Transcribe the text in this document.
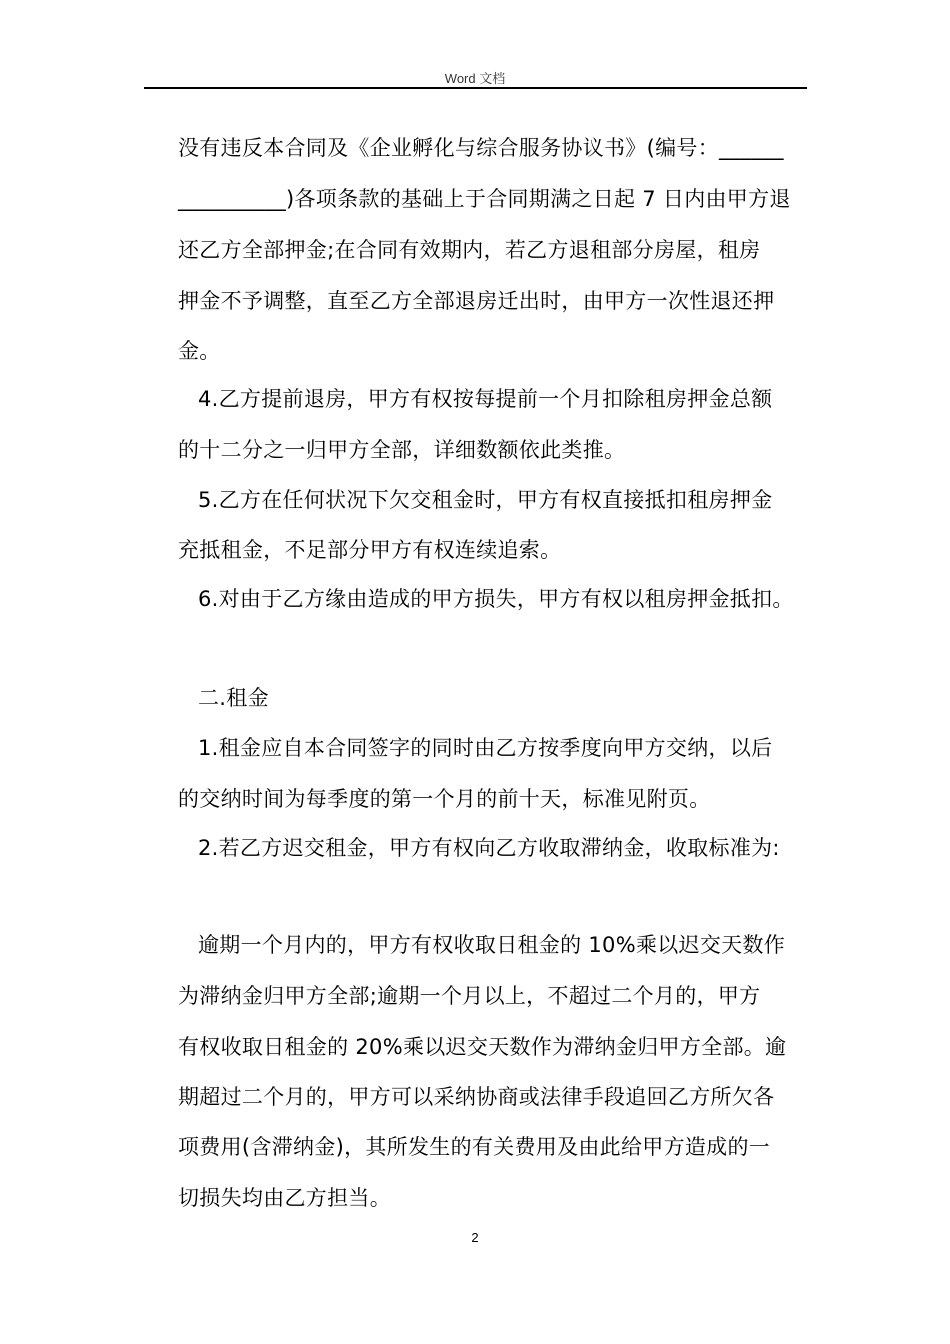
Word 文档
没有违反本合同及《企业孵化与综合服务协议书》(编号：______
__________)各项条款的基础上于合同期满之日起 7 日内由甲方退
还乙方全部押金;在合同有效期内，若乙方退租部分房屋，租房
押金不予调整，直至乙方全部退房迁出时，由甲方一次性退还押
金。
4.乙方提前退房，甲方有权按每提前一个月扣除租房押金总额
的十二分之一归甲方全部，详细数额依此类推。
5.乙方在任何状况下欠交租金时，甲方有权直接抵扣租房押金
充抵租金，不足部分甲方有权连续追索。
6.对由于乙方缘由造成的甲方损失，甲方有权以租房押金抵扣。
二.租金
1.租金应自本合同签字的同时由乙方按季度向甲方交纳，以后
的交纳时间为每季度的第一个月的前十天，标准见附页。
2.若乙方迟交租金，甲方有权向乙方收取滞纳金，收取标准为:
逾期一个月内的，甲方有权收取日租金的 10%乘以迟交天数作
为滞纳金归甲方全部;逾期一个月以上，不超过二个月的，甲方
有权收取日租金的 20%乘以迟交天数作为滞纳金归甲方全部。逾
期超过二个月的，甲方可以采纳协商或法律手段追回乙方所欠各
项费用(含滞纳金)，其所发生的有关费用及由此给甲方造成的一
切损失均由乙方担当。
2
